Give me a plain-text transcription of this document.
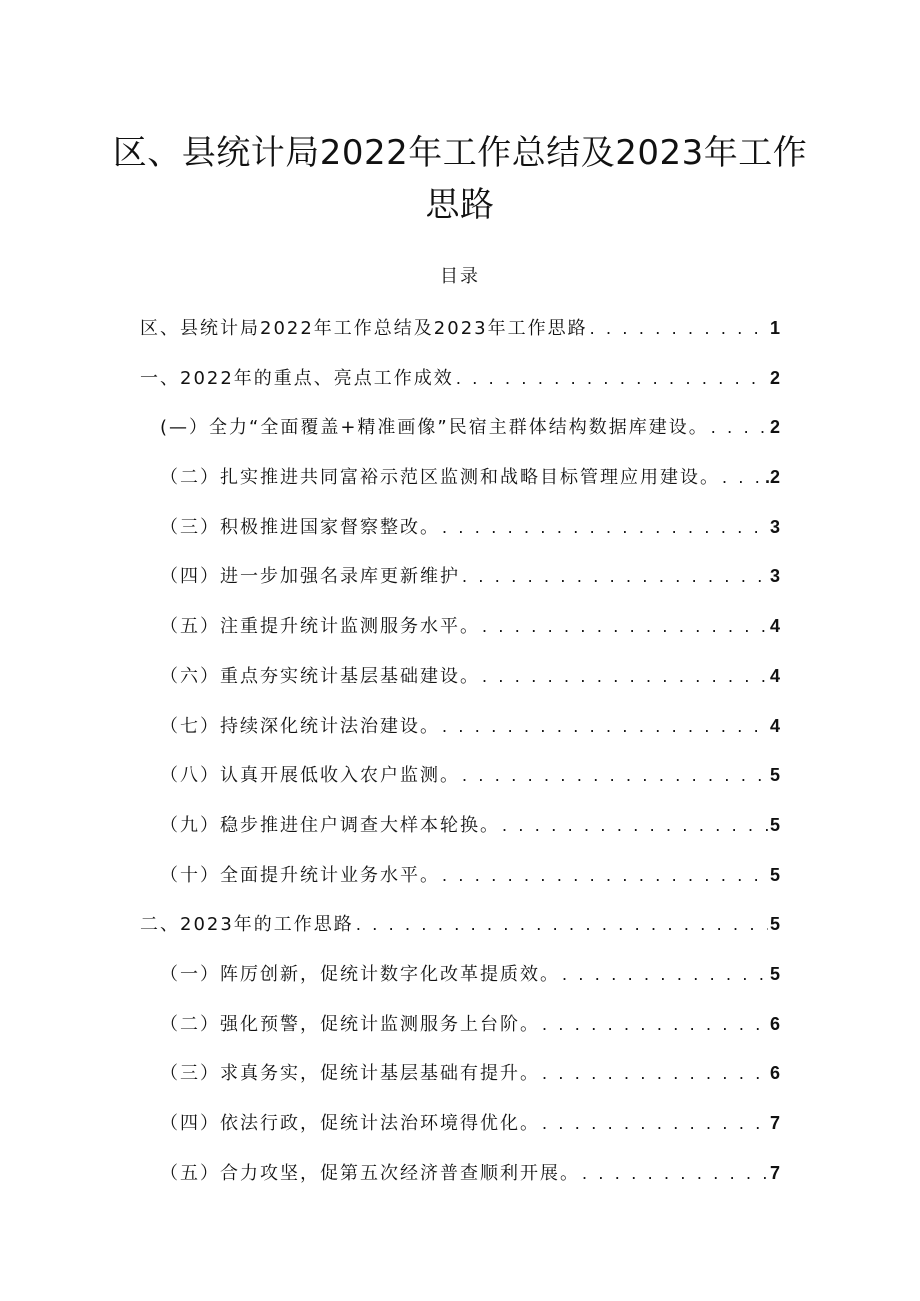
区、县统计局2022年工作总结及2023年工作思路
目录
区、县统计局2022年工作总结及2023年工作思路 . . .	1
一、2022年的重点、亮点工作成效 . . .	2
(—）全力“全面覆盖+精准画像”民宿主群体结构数据库建设。 . . .	2
（二）扎实推进共同富裕示范区监测和战略目标管理应用建设。 . . . .2
（三）积极推进国家督察整改。 . . .	3
（四）进一步加强名录库更新维护 . . .	3
（五）注重提升统计监测服务水平。 . . .	4
（六）重点夯实统计基层基础建设。 . . .	4
（七）持续深化统计法治建设。 . . .	4
（八）认真开展低收入农户监测。 . . .	5
（九）稳步推进住户调查大样本轮换。 . . .	5
（十）全面提升统计业务水平。 . . .	5
二、2023年的工作思路 . . .	5
（一）阵厉创新，促统计数字化改革提质效。 . . .	5
（二）强化预警，促统计监测服务上台阶。 . . .	6
（三）求真务实，促统计基层基础有提升。 . . .	6
（四）依法行政，促统计法治环境得优化。 . . .	7
（五）合力攻坚，促第五次经济普查顺利开展。 . . .	7
